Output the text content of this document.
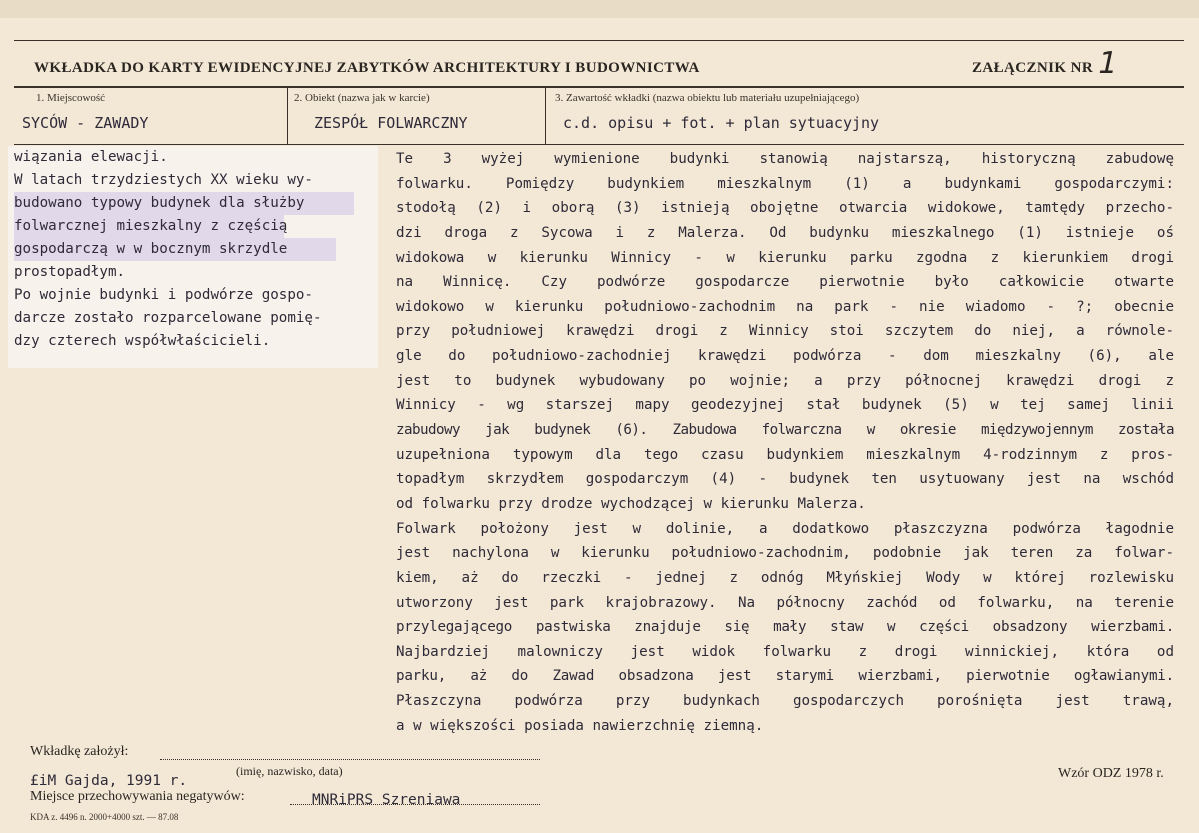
WKŁADKA DO KARTY EWIDENCYJNEJ ZABYTKÓW ARCHITEKTURY I BUDOWNICTWA	ZAŁĄCZNIK NR 1
1. Miejscowość	2. Obiekt (nazwa jak w karcie)	3. Zawartość wkładki (nazwa obiektu lub materiału uzupełniającego)
SYCÓW - ZAWADY	ZESPÓŁ FOLWARCZNY	c.d. opisu + fot. + plan sytuacyjny
wiązania elewacji.
W latach trzydziestych XX wieku wy-
budowano typowy budynek dla służby
folwarcznej mieszkalny z częścią
gospodarczą w w bocznym skrzydle
prostopadłym.
Po wojnie budynki i podwórze gospo-
darcze zostało rozparcelowane pomię-
dzy czterech współwłaścicieli.
Te 3 wyżej wymienione budynki stanowią najstarszą, historyczną zabudowę
folwarku. Pomiędzy budynkiem mieszkalnym (1) a budynkami gospodarczymi:
stodołą (2) i oborą (3) istnieją obojętne otwarcia widokowe, tamtędy przecho-
dzi droga z Sycowa i z Malerza. Od budynku mieszkalnego (1) istnieje oś
widokowa w kierunku Winnicy - w kierunku parku zgodna z kierunkiem drogi
na Winnicę. Czy podwórze gospodarcze pierwotnie było całkowicie otwarte
widokowo w kierunku południowo-zachodnim na park - nie wiadomo - ?; obecnie
przy południowej krawędzi drogi z Winnicy stoi szczytem do niej, a równole-
gle do południowo-zachodniej krawędzi podwórza - dom mieszkalny (6), ale
jest to budynek wybudowany po wojnie; a przy północnej krawędzi drogi z
Winnicy - wg starszej mapy geodezyjnej stał budynek (5) w tej samej linii
zabudowy jak budynek (6). Zabudowa folwarczna w okresie międzywojennym została
uzupełniona typowym dla tego czasu budynkiem mieszkalnym 4-rodzinnym z pros-
topadłym skrzydłem gospodarczym (4) - budynek ten usytuowany jest na wschód
od folwarku przy drodze wychodzącej w kierunku Malerza.
Folwark położony jest w dolinie, a dodatkowo płaszczyzna podwórza łagodnie
jest nachylona w kierunku południowo-zachodnim, podobnie jak teren za folwar-
kiem, aż do rzeczki - jednej z odnóg Młyńskiej Wody w której rozlewisku
utworzony jest park krajobrazowy. Na północny zachód od folwarku, na terenie
przylegającego pastwiska znajduje się mały staw w części obsadzony wierzbami.
Najbardziej malowniczy jest widok folwarku z drogi winnickiej, która od
parku, aż do Zawad obsadzona jest starymi wierzbami, pierwotnie ogławianymi.
Płaszczyna podwórza przy budynkach gospodarczych porośnięta jest trawą,
a w większości posiada nawierzchnię ziemną.
Wkładkę założył:
(imię, nazwisko, data)
£iM Gajda, 1991 r.
Miejsce przechowywania negatywów:	MNRiPRS Szreniawa
KDA z. 4496 n. 2000+4000 szt. — 87.08
Wzór ODZ 1978 r.
